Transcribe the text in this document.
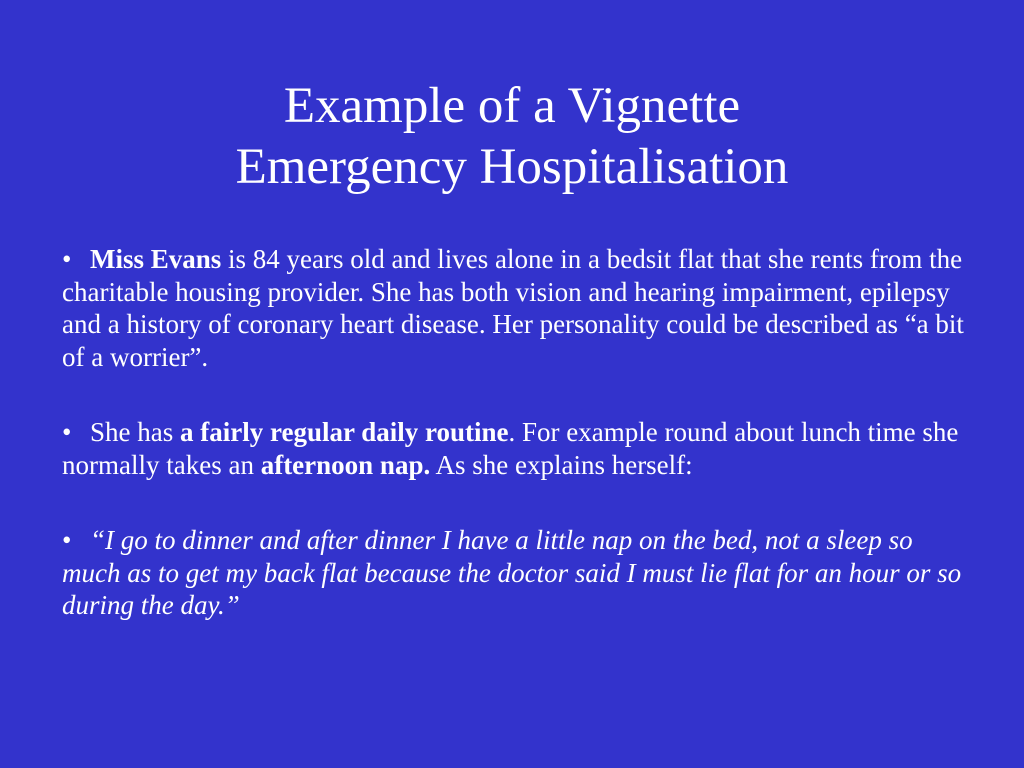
Example of a Vignette
Emergency Hospitalisation

• Miss Evans is 84 years old and lives alone in a bedsit flat that she rents from the charitable housing provider. She has both vision and hearing impairment, epilepsy and a history of coronary heart disease. Her personality could be described as “a bit of a worrier”.

• She has a fairly regular daily routine. For example round about lunch time she normally takes an afternoon nap. As she explains herself:

• “I go to dinner and after dinner I have a little nap on the bed, not a sleep so much as to get my back flat because the doctor said I must lie flat for an hour or so during the day.”
